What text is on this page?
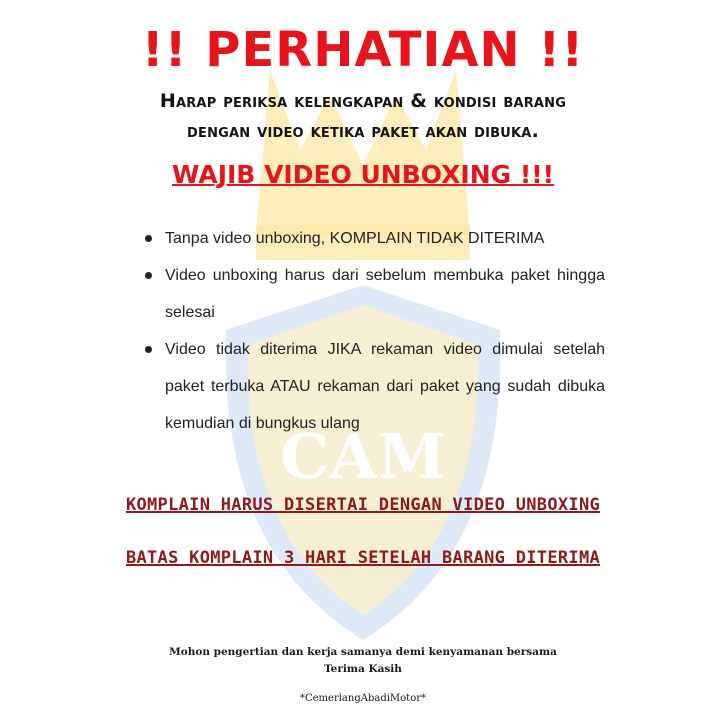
CAM
!! PERHATIAN !!
Harap periksa kelengkapan & kondisi barang
dengan video ketika paket akan dibuka.
WAJIB VIDEO UNBOXING !!!
Tanpa video unboxing, KOMPLAIN TIDAK DITERIMA
Video unboxing harus dari sebelum membuka paket hingga selesai
Video tidak diterima JIKA rekaman video dimulai setelah paket terbuka ATAU rekaman dari paket yang sudah dibuka kemudian di bungkus ulang
KOMPLAIN HARUS DISERTAI DENGAN VIDEO UNBOXING
BATAS KOMPLAIN 3 HARI SETELAH BARANG DITERIMA
Mohon pengertian dan kerja samanya demi kenyamanan bersama
Terima Kasih
*CemerlangAbadiMotor*
